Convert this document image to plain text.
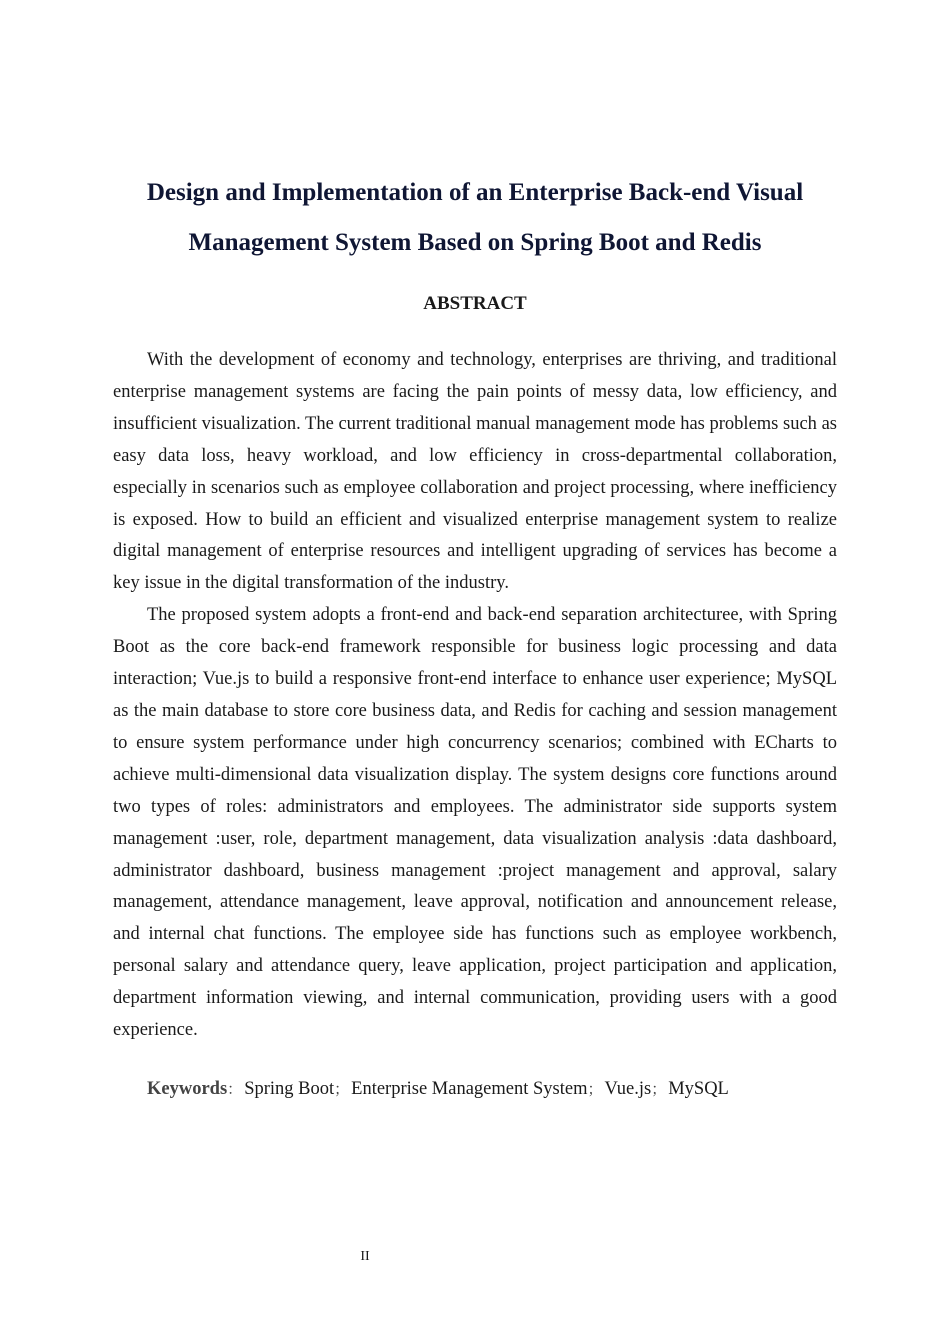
Design and Implementation of an Enterprise Back-end Visual
Management System Based on Spring Boot and Redis
ABSTRACT

With the development of economy and technology, enterprises are thriving, and traditional enterprise management systems are facing the pain points of messy data, low efficiency, and insufficient visualization. The current traditional manual management mode has problems such as easy data loss, heavy workload, and low efficiency in cross-departmental collaboration, especially in scenarios such as employee collaboration and project processing, where inefficiency is exposed. How to build an efficient and visualized enterprise management system to realize digital management of enterprise resources and intelligent upgrading of services has become a key issue in the digital transformation of the industry.

The proposed system adopts a front-end and back-end separation architecturee, with Spring Boot as the core back-end framework responsible for business logic processing and data interaction; Vue.js to build a responsive front-end interface to enhance user experience; MySQL as the main database to store core business data, and Redis for caching and session management to ensure system performance under high concurrency scenarios; combined with ECharts to achieve multi-dimensional data visualization display. The system designs core functions around two types of roles: administrators and employees. The administrator side supports system management :user, role, department management, data visualization analysis :data dashboard, administrator dashboard, business management :project management and approval, salary management, attendance management, leave approval, notification and announcement release, and internal chat functions. The employee side has functions such as employee workbench, personal salary and attendance query, leave application, project participation and application, department information viewing, and internal communication, providing users with a good experience.

Keywords： Spring Boot； Enterprise Management System； Vue.js； MySQL
II
